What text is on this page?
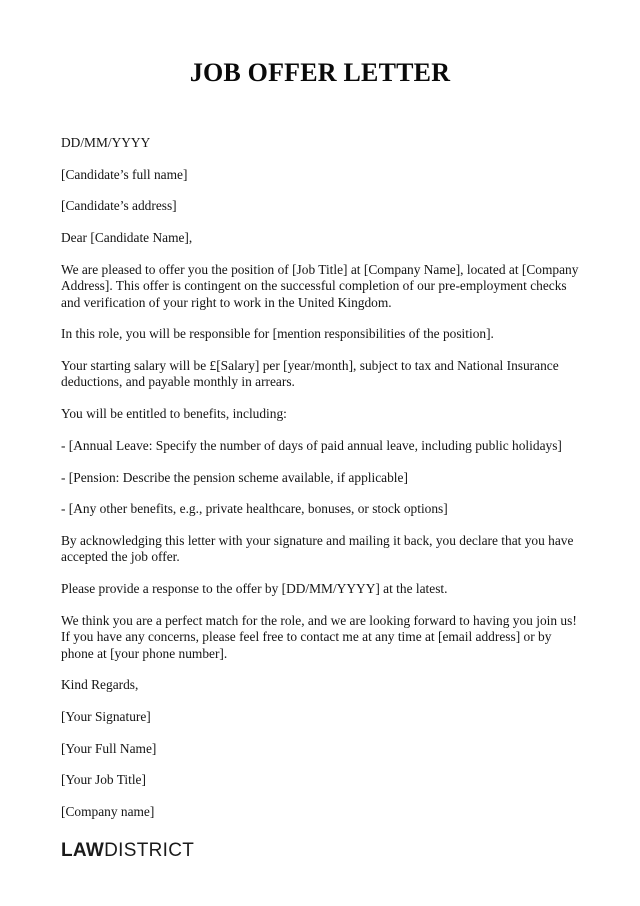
JOB OFFER LETTER

DD/MM/YYYY

[Candidate’s full name]

[Candidate’s address]

Dear [Candidate Name],

We are pleased to offer you the position of [Job Title] at [Company Name], located at [Company Address]. This offer is contingent on the successful completion of our pre-employment checks and verification of your right to work in the United Kingdom.

In this role, you will be responsible for [mention responsibilities of the position].

Your starting salary will be £[Salary] per [year/month], subject to tax and National Insurance deductions, and payable monthly in arrears.

You will be entitled to benefits, including:

- [Annual Leave: Specify the number of days of paid annual leave, including public holidays]

- [Pension: Describe the pension scheme available, if applicable]

- [Any other benefits, e.g., private healthcare, bonuses, or stock options]

By acknowledging this letter with your signature and mailing it back, you declare that you have accepted the job offer.

Please provide a response to the offer by [DD/MM/YYYY] at the latest.

We think you are a perfect match for the role, and we are looking forward to having you join us! If you have any concerns, please feel free to contact me at any time at [email address] or by phone at [your phone number].

Kind Regards,

[Your Signature]

[Your Full Name]

[Your Job Title]

[Company name]

LAWDISTRICT
